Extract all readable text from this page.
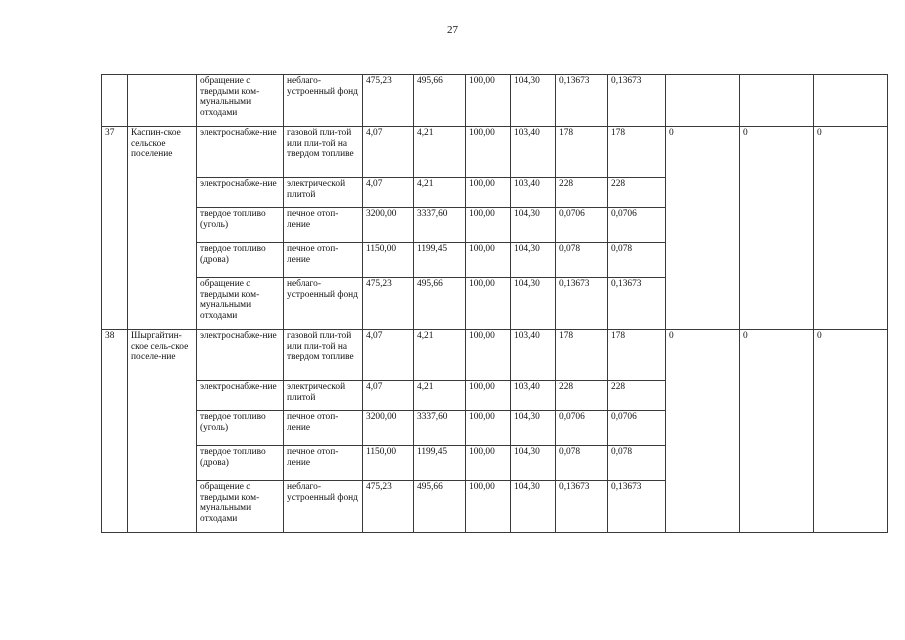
27
		обращение с твердыми ком-мунальными отходами	неблаго-устроенный фонд	475,23	495,66	100,00	104,30	0,13673	0,13673			
37	Каспин-ское сельское поселение	электроснабже-ние	газовой пли-той или пли-той на твердом топливе	4,07	4,21	100,00	103,40	178	178	0	0	0
		электроснабже-ние	электрической плитой	4,07	4,21	100,00	103,40	228	228			
		твердое топливо (уголь)	печное отоп-ление	3200,00	3337,60	100,00	104,30	0,0706	0,0706			
		твердое топливо (дрова)	печное отоп-ление	1150,00	1199,45	100,00	104,30	0,078	0,078			
		обращение с твердыми ком-мунальными отходами	неблаго-устроенный фонд	475,23	495,66	100,00	104,30	0,13673	0,13673			
38	Шыргайтин-ское сель-ское поселе-ние	электроснабже-ние	газовой пли-той или пли-той на твердом топливе	4,07	4,21	100,00	103,40	178	178	0	0	0
		электроснабже-ние	электрической плитой	4,07	4,21	100,00	103,40	228	228			
		твердое топливо (уголь)	печное отоп-ление	3200,00	3337,60	100,00	104,30	0,0706	0,0706			
		твердое топливо (дрова)	печное отоп-ление	1150,00	1199,45	100,00	104,30	0,078	0,078			
		обращение с твердыми ком-мунальными отходами	неблаго-устроенный фонд	475,23	495,66	100,00	104,30	0,13673	0,13673			
